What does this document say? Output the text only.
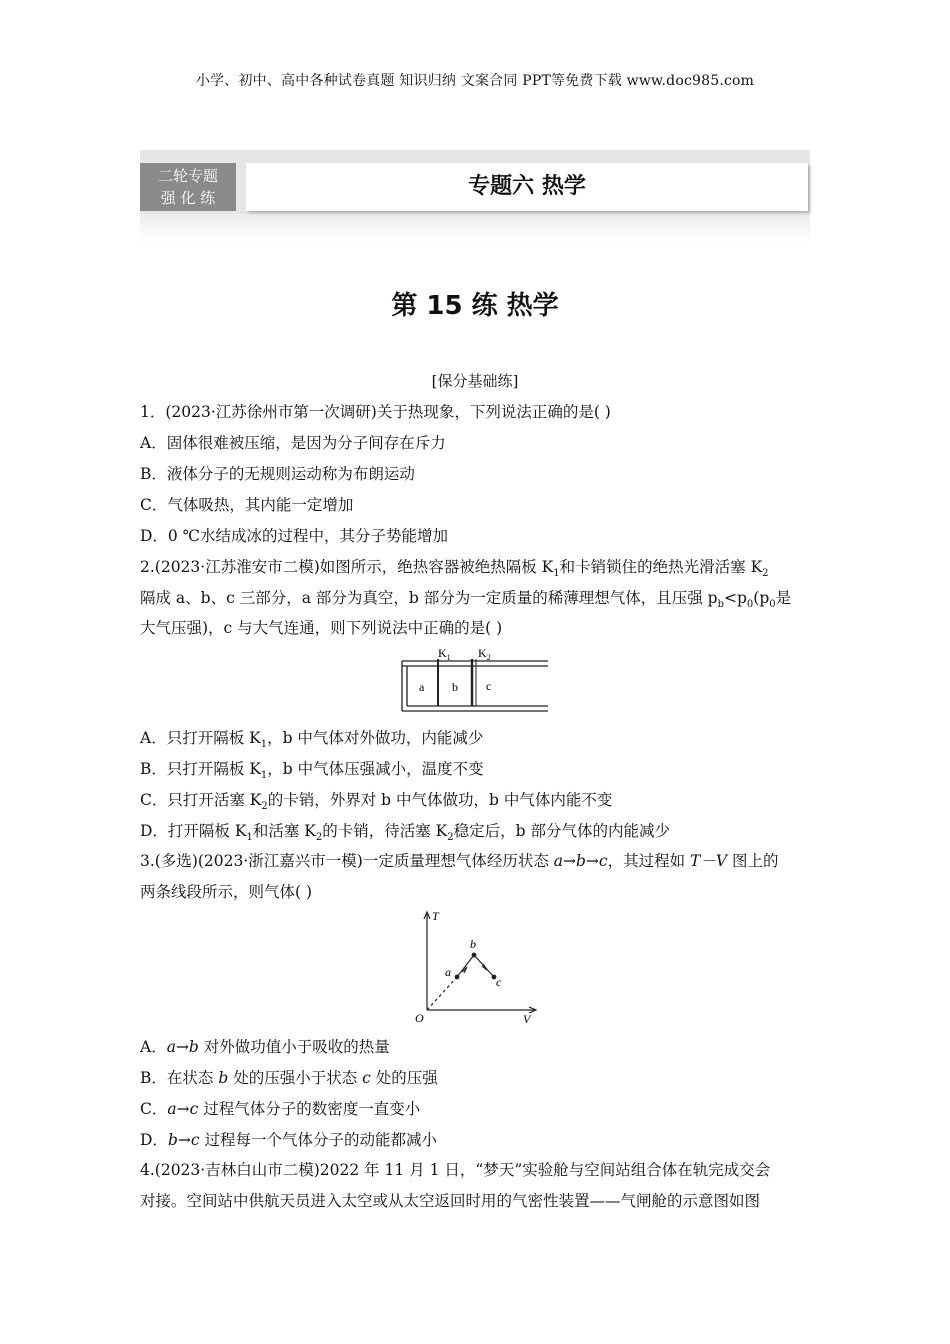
小学、初中、高中各种试卷真题 知识归纳 文案合同 PPT等免费下载 www.doc985.com
二轮专题
强 化 练	专题六 热学
第 15 练 热学
[保分基础练]
1．(2023·江苏徐州市第一次调研)关于热现象，下列说法正确的是( )
A．固体很难被压缩，是因为分子间存在斥力
B．液体分子的无规则运动称为布朗运动
C．气体吸热，其内能一定增加
D．0 ℃水结成冰的过程中，其分子势能增加
2.(2023·江苏淮安市二模)如图所示，绝热容器被绝热隔板 $K_1$和卡销锁住的绝热光滑活塞 $K_2$
隔成 a、b、c 三部分，a 部分为真空，b 部分为一定质量的稀薄理想气体，且压强 $p_b<p_0(p_0$是
大气压强)，c 与大气连通，则下列说法中正确的是( )
$K_1$ $K_2$
a b c
A．只打开隔板 $K_1$，b 中气体对外做功，内能减少
B．只打开隔板 $K_1$，b 中气体压强减小，温度不变
C．只打开活塞 $K_2$的卡销，外界对 b 中气体做功，b 中气体内能不变
D．打开隔板 $K_1$和活塞 $K_2$的卡销，待活塞 $K_2$稳定后，b 部分气体的内能减少
3.(多选)(2023·浙江嘉兴市一模)一定质量理想气体经历状态 a→b→c，其过程如 T－V 图上的
两条线段所示，则气体( )
T
V
O
a
b
c
A．a→b 对外做功值小于吸收的热量
B．在状态 b 处的压强小于状态 c 处的压强
C．a→c 过程气体分子的数密度一直变小
D．b→c 过程每一个气体分子的动能都减小
4.(2023·吉林白山市二模)2022 年 11 月 1 日，“梦天”实验舱与空间站组合体在轨完成交会
对接。空间站中供航天员进入太空或从太空返回时用的气密性装置——气闸舱的示意图如图
